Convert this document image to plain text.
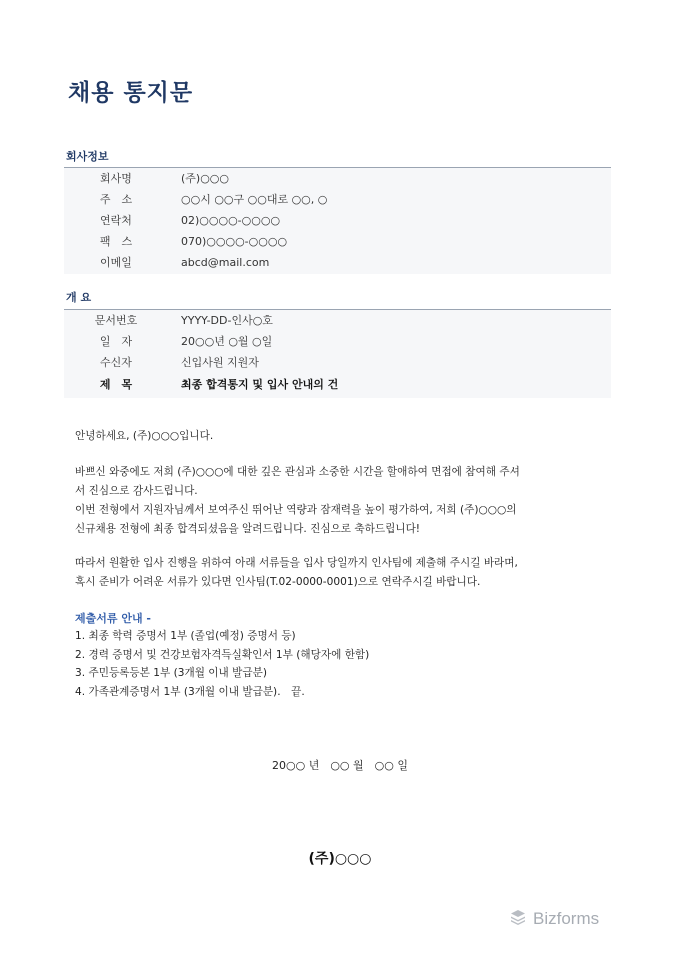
채용 통지문
회사정보
회사명	(주)○○○
주　소	○○시 ○○구 ○○대로 ○○, ○
연락처	02)○○○○-○○○○
팩　스	070)○○○○-○○○○
이메일	abcd@mail.com
개 요
문서번호	YYYY-DD-인사○호
일　자	20○○년 ○월 ○일
수신자	신입사원 지원자
제　목	최종 합격통지 및 입사 안내의 건

안녕하세요, (주)○○○입니다.

바쁘신 와중에도 저희 (주)○○○에 대한 깊은 관심과 소중한 시간을 할애하여 면접에 참여해 주셔
서 진심으로 감사드립니다.
이번 전형에서 지원자님께서 보여주신 뛰어난 역량과 잠재력을 높이 평가하여, 저희 (주)○○○의
신규채용 전형에 최종 합격되셨음을 알려드립니다. 진심으로 축하드립니다!

따라서 원활한 입사 진행을 위하여 아래 서류들을 입사 당일까지 인사팀에 제출해 주시길 바라며,
혹시 준비가 어려운 서류가 있다면 인사팀(T.02-0000-0001)으로 연락주시길 바랍니다.

제출서류 안내 -
1. 최종 학력 증명서 1부 (졸업(예정) 증명서 등)
2. 경력 증명서 및 건강보험자격득실확인서 1부 (해당자에 한함)
3. 주민등록등본 1부 (3개월 이내 발급분)
4. 가족관계증명서 1부 (3개월 이내 발급분).　끝.
20○○ 년　○○ 월　○○ 일
(주)○○○
Bizforms
